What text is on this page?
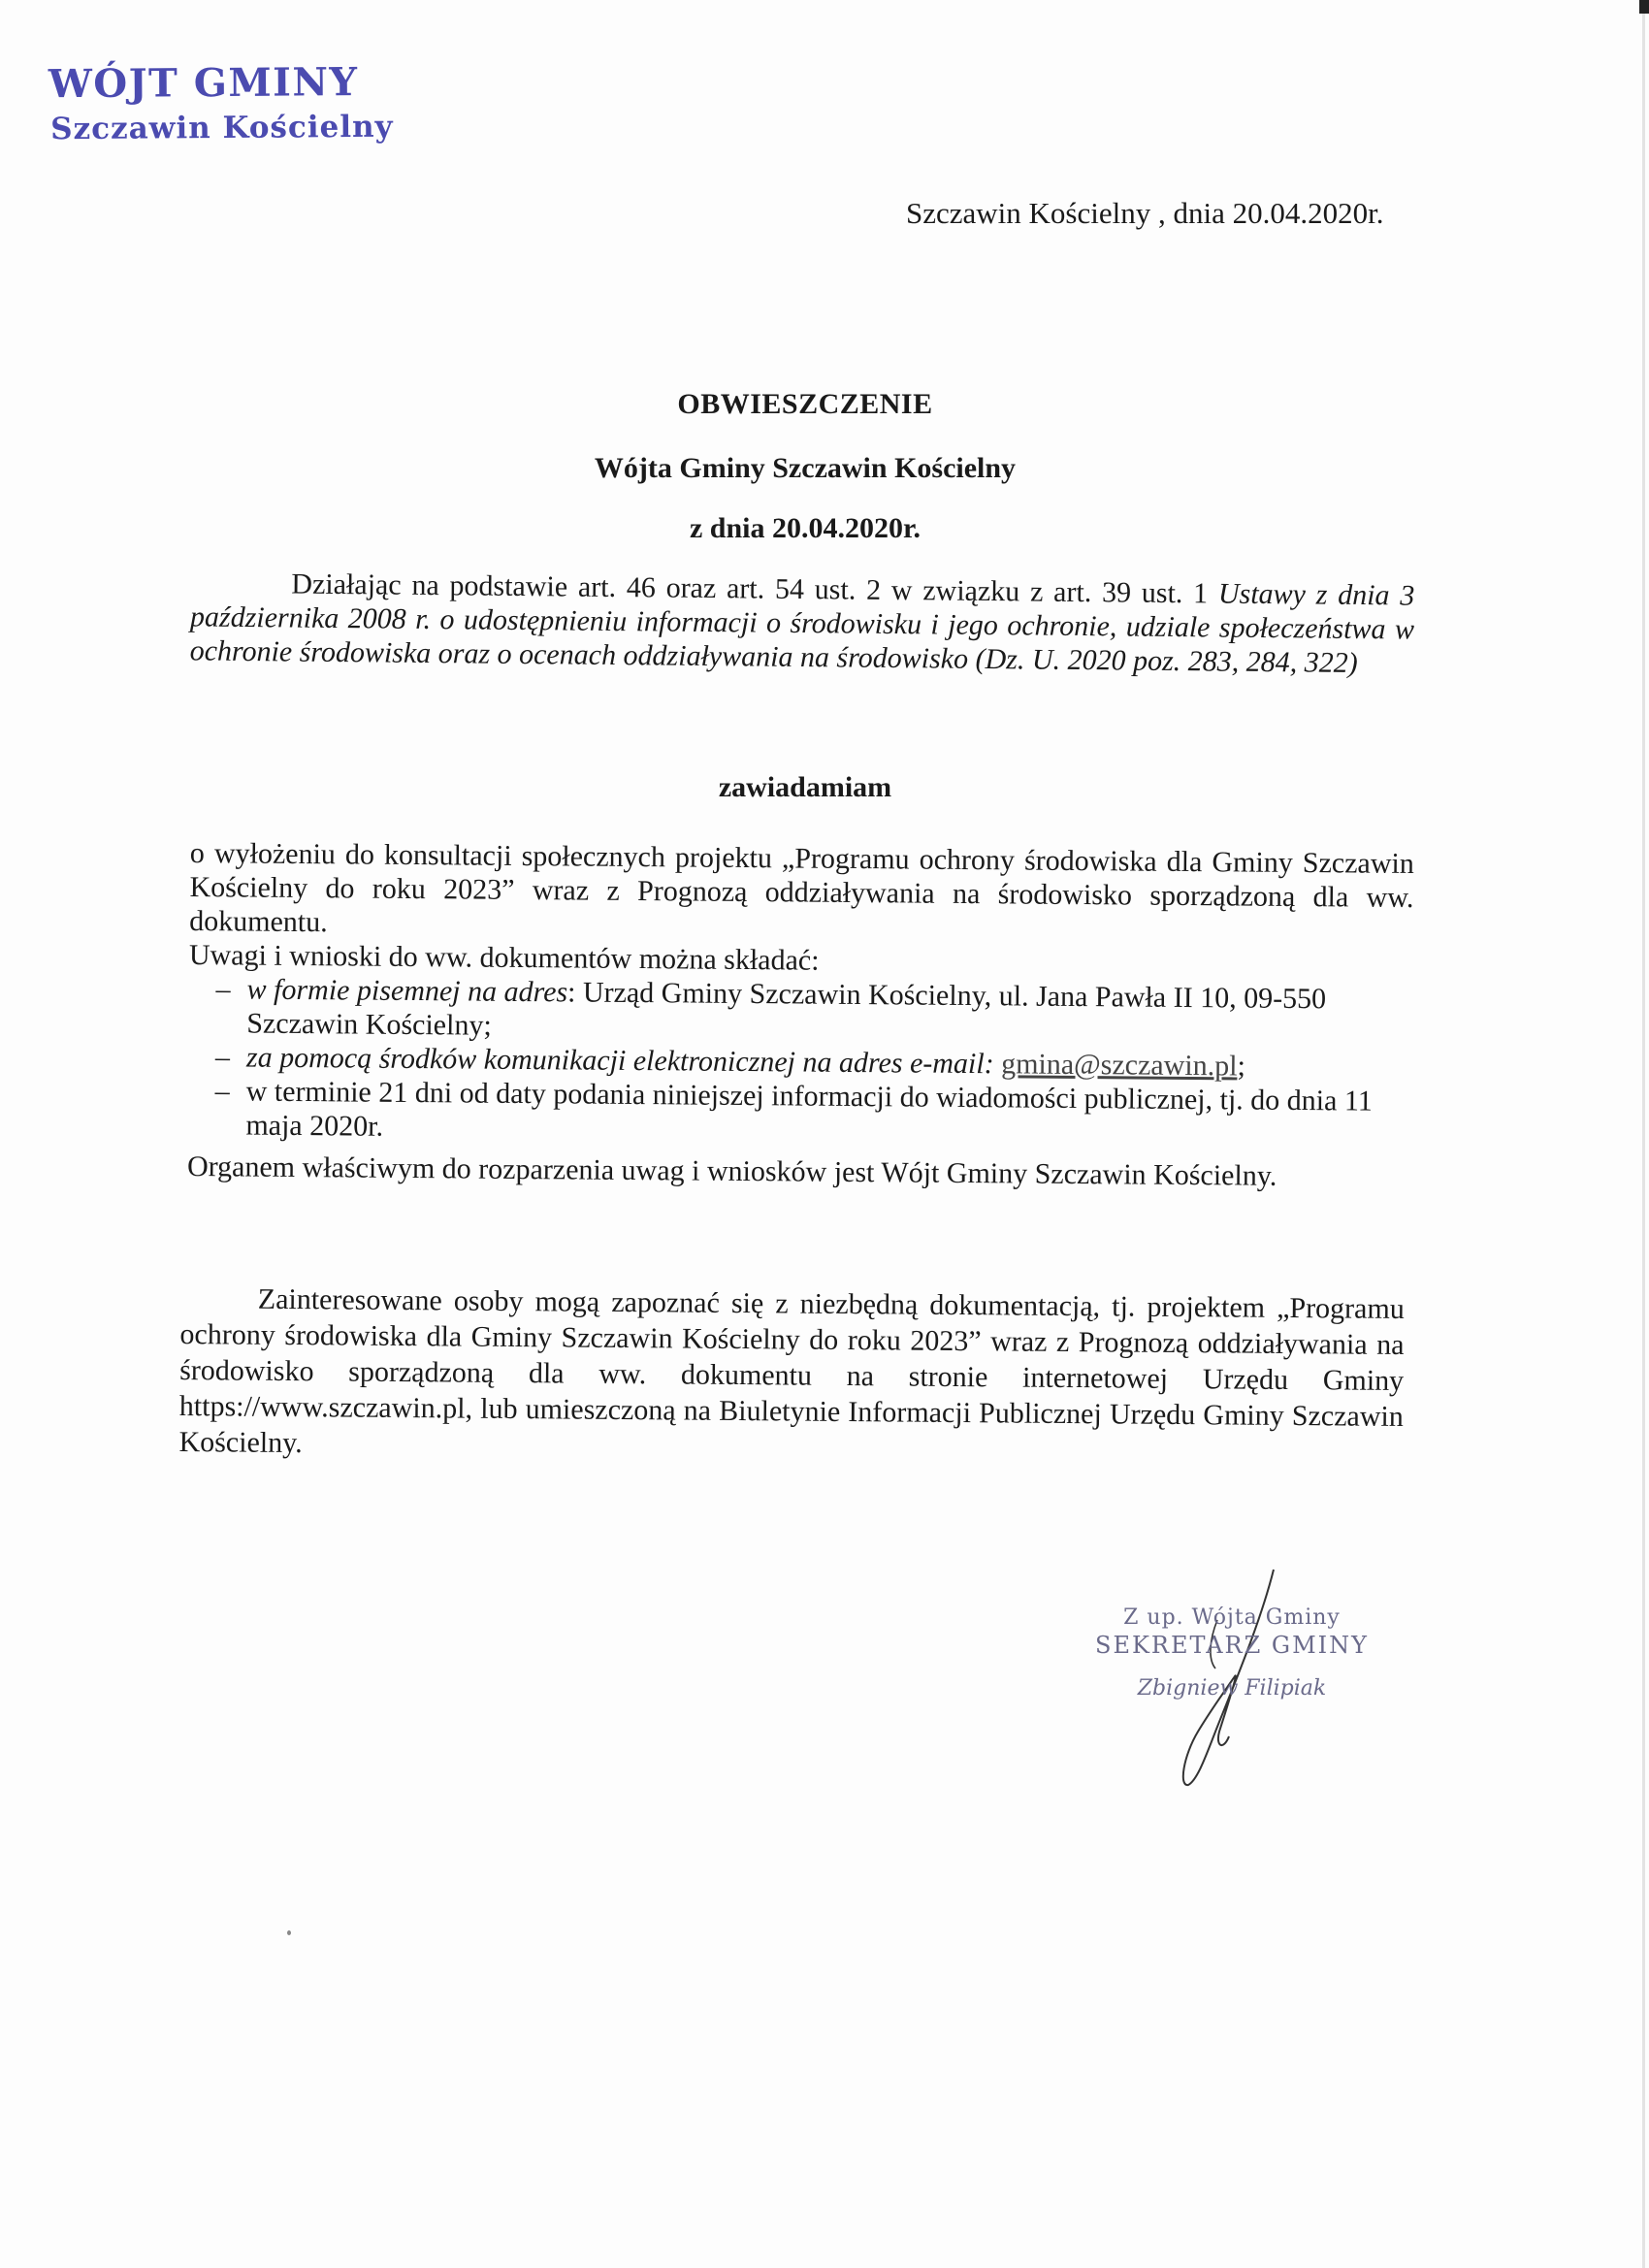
WÓJT GMINY
Szczawin Kościelny
Szczawin Kościelny , dnia 20.04.2020r.
OBWIESZCZENIE
Wójta Gminy Szczawin Kościelny
z dnia 20.04.2020r.
Działając na podstawie art. 46 oraz art. 54 ust. 2 w związku z art. 39 ust. 1 Ustawy z dnia 3 października 2008 r. o udostępnieniu informacji o środowisku i jego ochronie, udziale społeczeństwa w ochronie środowiska oraz o ocenach oddziaływania na środowisko (Dz. U. 2020 poz. 283, 284, 322)
zawiadamiam

o wyłożeniu do konsultacji społecznych projektu „Programu ochrony środowiska dla Gminy Szczawin Kościelny do roku 2023” wraz z Prognozą oddziaływania na środowisko sporządzoną dla ww. dokumentu.

Uwagi i wnioski do ww. dokumentów można składać:

– w formie pisemnej na adres: Urząd Gminy Szczawin Kościelny, ul. Jana Pawła II 10, 09-550 Szczawin Kościelny;
– za pomocą środków komunikacji elektronicznej na adres e-mail: gmina@szczawin.pl;
– w terminie 21 dni od daty podania niniejszej informacji do wiadomości publicznej, tj. do dnia 11 maja 2020r.

Organem właściwym do rozparzenia uwag i wniosków jest Wójt Gminy Szczawin Kościelny.

Zainteresowane osoby mogą zapoznać się z niezbędną dokumentacją, tj. projektem „Programu ochrony środowiska dla Gminy Szczawin Kościelny do roku 2023” wraz z Prognozą oddziaływania na środowisko sporządzoną dla ww. dokumentu na stronie internetowej Urzędu Gminy https://www.szczawin.pl, lub umieszczoną na Biuletynie Informacji Publicznej Urzędu Gminy Szczawin Kościelny.
Z up. Wójta Gminy
SEKRETARZ GMINY
Zbigniew Filipiak
